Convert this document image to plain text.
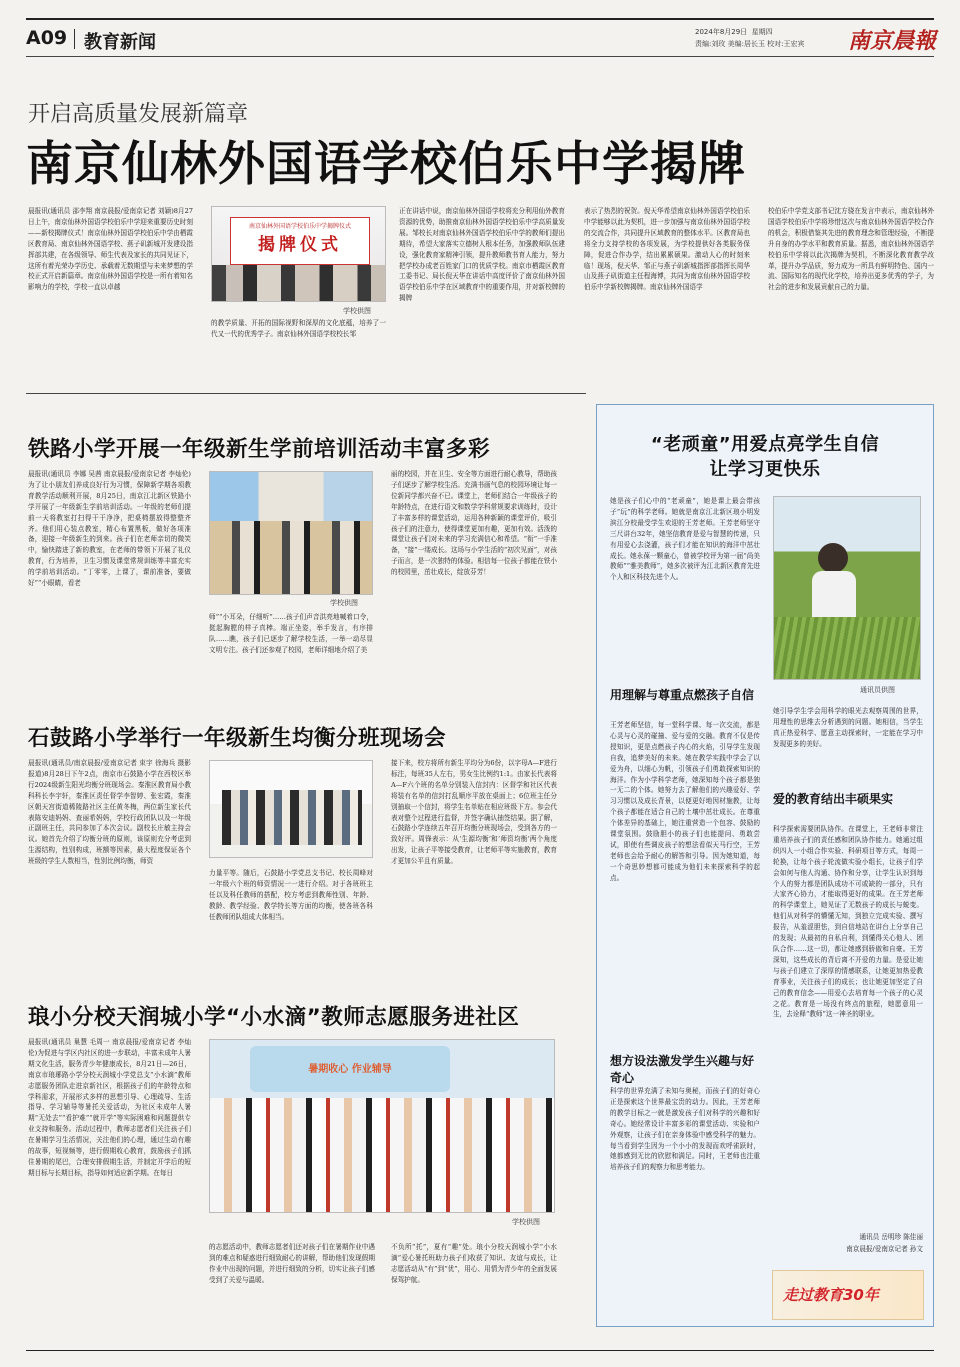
A09 教育新闻	2024年8月29日 星期四
责编:刘玫 美编:居长玉 校对:王宏宾 南京晨報
开启高质量发展新篇章
南京仙林外国语学校伯乐中学揭牌
晨报讯(通讯员 邵李翔 南京晨报/爱南京记者 刘颖)8月27日上午，南京仙林外国语学校伯乐中学迎来重要历史时刻——新校揭牌仪式！南京仙林外国语学校伯乐中学由栖霞区教育局、南京仙林外国语学校、燕子矶新城开发建设指挥部共建，在各级领导、师生代表及家长的共同见证下，这所有着光荣办学历史、承载着无数期望与未来梦想的学校正式开启新篇章。南京仙林外国语学校是一所有着知名影响力的学校，学校一直以卓越
南京仙林外国语学校伯乐中学揭牌仪式
揭牌仪式
学校供图
的教学质量、开拓的国际视野和深厚的文化底蕴，培养了一代又一代的优秀学子。南京仙林外国语学校校长邹
正在讲话中说，南京仙林外国语学校将充分利用仙外教育资源的优势，助推南京仙林外国语学校伯乐中学高质量发展。邹校长对南京仙林外国语学校伯乐中学的教师们提出期待，希望大家落实立德树人根本任务，加强教师队伍建设，强化教育家精神引领，提升教师教书育人能力，努力把学校办成老百姓家门口的优质学校。南京市栖霞区教育工委书记、局长倪天华在讲话中高度评价了南京仙林外国语学校伯乐中学在区域教育中的重要作用，并对新校牌的揭牌
表示了热烈的祝贺。倪天华希望南京仙林外国语学校伯乐中学能够以此为契机，进一步加强与南京仙林外国语学校的交流合作，共同提升区域教育的整体水平。区教育局也将全力支持学校的各项发展，为学校提供好各类服务保障，促进合作办学，结出累累硕果。激动人心的时刻来临！现场，倪天华、邹正与燕子矶新城指挥部指挥长周华山及燕子矶街道主任程海博，共同为南京仙林外国语学校伯乐中学新校牌揭牌。南京仙林外国语学
校伯乐中学党支部书记沈方骁在发言中表示，南京仙林外国语学校伯乐中学将珍惜这次与南京仙林外国语学校合作的机会，积极借鉴其先进的教育理念和管理经验，不断提升自身的办学水平和教育质量。据悉，南京仙林外国语学校伯乐中学将以此次揭牌为契机，不断深化教育教学改革，提升办学品质，努力成为一所具有鲜明特色、国内一流、国际知名的现代化学校，培养出更多优秀的学子，为社会的进步和发展贡献自己的力量。
铁路小学开展一年级新生学前培训活动丰富多彩
晨报讯(通讯员 李娜 吴茜 南京晨报/爱南京记者 李灿伦)为了让小朋友们养成良好行为习惯，保障新学期各项教育教学活动顺利开展，8月25日，南京江北新区铁路小学开展了一年级新生学前培训活动。一年级的老师们提前一天将教室打扫得干干净净，把桌椅摆放得整整齐齐。他们用心装点教室，精心布置黑板，做好各项准备，迎接一年级新生的到来。孩子们在老师亲切的微笑中，愉快踏进了新的教室，在老师的带领下开展了礼仪教育，行为培养，卫生习惯及课堂常规训练等丰富充实的学前培训活动。“丁零零，上课了，课前准备，要做好”“小眼睛，看老
学校供图
师”“小耳朵，仔细听”……孩子们声音洪亮地喊着口令，挺起胸膛的样子真棒。端正坐姿，举手发言，有序排队……瞧，孩子们已逐步了解学校生活，一举一动尽显文明专注。孩子们还参观了校园，老师详细地介绍了美
丽的校园，并在卫生、安全等方面进行耐心教导，帮助孩子们逐步了解学校生活。充满书画气息的校园环境让每一位新同学都兴奋不已。课堂上，老师们结合一年级孩子的年龄特点，在进行语文和数学学科常规要求训练时，设计了丰富多样的课堂活动，运用各种新颖的课堂评价，吸引孩子们的注意力，使得课堂更加有趣，更加有效。活泼的课堂让孩子们对未来的学习充满信心和希望。“衔”一手准备，“接”一缕成长。这场与小学生活的“初次见面”，对孩子而言，是一次独特的体验。相信每一位孩子都能在铁小的校园里，茁壮成长，绽放芬芳！
石鼓路小学举行一年级新生均衡分班现场会
晨报讯(通讯员/南京晨报/爱南京记者 束宇 徐海兵 摄影报道)8月28日下午2点，南京市石鼓路小学在西校区举行2024级新生阳光均衡分班现场会。秦淮区教育局小教科科长李宇轩，秦淮区责任督学李智婷、张宏霞，秦淮区朝天宫街道稀陵路社区主任黄冬梅，两位新生家长代表陈安迪妈妈、查丽希妈妈，学校行政团队以及一年级正副班主任，共同参加了本次会议。副校长庄敏主持会议。她首先介绍了均衡分班的原则，该原则充分考虑到生源结构，性别构成，班额等因素，最大程度保证各个班级的学生人数相当，性别比例均衡，师资
力量平等。随后，石鼓路小学党总支书记、校长周峰对一年级六个班的师资情况一一进行介绍。对于各班班主任以及科任教师的搭配，校方考虑到教师性别、年龄、教龄、教学经验、教学特长等方面的均衡，使各班各科任教师团队组成大体相当。
接下来，校方将所有新生平均分为6份，以字母A—F进行标注，每班35人左右，男女生比例约1:1。由家长代表将A—F六个班的名单分别装入信封内：区督学和社区代表将装有名单的信封打乱顺序平放在桌面上；6位班主任分别抽取一个信封，将学生名单贴在相应班级下方。参会代表对整个过程进行监督，并签字确认抽签结果。据了解，石鼓路小学连续五年召开均衡分班现场会，受到各方的一致好评。周锋表示：从‘生源均衡’和‘师资均衡’两个角度出发，让孩子平等接受教育，让老师平等实施教育，教育才更加公平且有质量。
琅小分校天润城小学“小水滴”教师志愿服务进社区
晨报讯(通讯员 巢慧 毛周一 南京晨报/爱南京记者 李灿伦)为促进与学区内社区的进一步联动，丰富未成年人暑期文化生活，服务青少年健康成长，8月21日—26日，南京市琅琊路小学分校天润城小学党总支“小水滴”教师志愿服务团队走进京新社区，根据孩子们的年龄特点和学科需求，开展形式多样的思想引导、心理疏导、生活指导、学习辅导等暑托关爱活动，为社区未成年人暑期“无处去”“看护难”“就开学”等实际困难和问题提供专业支持和服务。活动过程中，教师志愿者们关注孩子们在暑期学习生活情况，关注他们的心理，通过生动有趣的故事，短视频等，进行假期收心教育，鼓励孩子们抓住暑期的尾巴，合理安排假期生活，并制定开学后的短期目标与长期目标，指导如何适应新学期。在每日
暑期收心 作业辅导
学校供图
的志愿活动中，教师志愿者们还对孩子们在暑期作业中遇到的难点和疑惑进行细致耐心的讲解，帮助他们发现假期作业中出现的问题，并进行细致的分析，切实让孩子们感受到了关爱与温暖。
不负所“托”，夏有“趣”处。琅小分校天润城小学“小水滴”爱心暑托班助力孩子们收获了知识、友谊与成长，让志愿活动从“有”到“优”，用心、用情为青少年的全面发展保驾护航。
“老顽童”用爱点亮学生自信
让学习更快乐
她是孩子们心中的“老顽童”，她是课上最会带孩子“玩”的科学老师。她就是南京江北新区琅小明发滨江分校最受学生欢迎的王芳老师。王芳老师坚守三尺讲台32年，她坚信教育是爱与智慧的传递，只有用爱心去浇灌，孩子们才能在知识的海洋中茁壮成长。她永葆一颗童心，曾被学校评为第一届“尚美教师”“雅美教师”，她多次被评为江北新区教育先进个人和区科技先进个人。
用理解与尊重点燃孩子自信
王芳老师坚信，每一堂科学课、每一次交流，都是心灵与心灵的碰撞、爱与爱的交融。教育不仅是传授知识，更是点燃孩子内心的火焰，引导学生发现自我，追梦美好的未来。她在教学实践中学会了以爱为舟，以细心为帆，引领孩子们勇敢探索知识的海洋。作为小学科学老师，她深知每个孩子都是独一无二的个体。她努力去了解他们的兴趣爱好、学习习惯以及成长背景，以便更好地因材施教，让每个孩子都能在适合自己的土壤中茁壮成长。在尊重个体差异的基础上，她注重营造一个包容、鼓励的课堂氛围。鼓励胆小的孩子们也能提问、勇敢尝试，即使有些调皮孩子的想法看似天马行空，王芳老师也会给予耐心的解答和引导。因为她知道，每一个奇思妙想都可能成为他们未来探索科学的起点。
想方设法激发学生兴趣与好奇心
科学的世界充满了未知与奥秘，而孩子们的好奇心正是探索这个世界最宝贵的动力。因此，王芳老师的教学目标之一就是激发孩子们对科学的兴趣和好奇心。她经常设计丰富多彩的课堂活动、实验和户外观察，让孩子们在亲身体验中感受科学的魅力。每当看到学生因为一个小小的发现而欢呼雀跃时，她都感到无比的欣慰和满足。同时，王老师也注重培养孩子们的观察力和思考能力。
通讯员供图
她引导学生学会用科学的眼光去观察周围的世界，用理性的思维去分析遇到的问题。她相信，当学生真正热爱科学、愿意主动探索时，一定能在学习中发现更多的美好。
爱的教育结出丰硕果实
科学探索需要团队协作。在课堂上，王老师非常注重培养孩子们的责任感和团队协作能力。她通过组织四人一小组合作实验、科研项目等方式，每周一轮换，让每个孩子轮流做实验小组长，让孩子们学会如何与他人沟通、协作和分享，让学生认识到每个人的努力都是团队成功不可或缺的一部分，只有大家齐心协力，才能取得更好的成果。在王芳老师的科学课堂上，她见证了无数孩子的成长与蜕变。他们从对科学的懵懂无知，到独立完成实验、撰写报告，从羞涩胆怯，到自信地站在讲台上分享自己的发现；从最初的自私自利，到懂得关心他人、团队合作……这一切，都让她感到骄傲和自豪。王芳深知，这些成长的背后离不开爱的力量。是爱让她与孩子们建立了深厚的情感联系，让她更加热爱教育事业，关注孩子们的成长；也让她更加坚定了自己的教育信念——用爱心去培育每一个孩子的心灵之花。教育是一场没有终点的旅程，她愿意用一生，去诠释“教师”这一神圣的职业。
通讯员 岳明珍 陈佳丽
南京晨报/爱南京记者 孙文
走过教育30年
